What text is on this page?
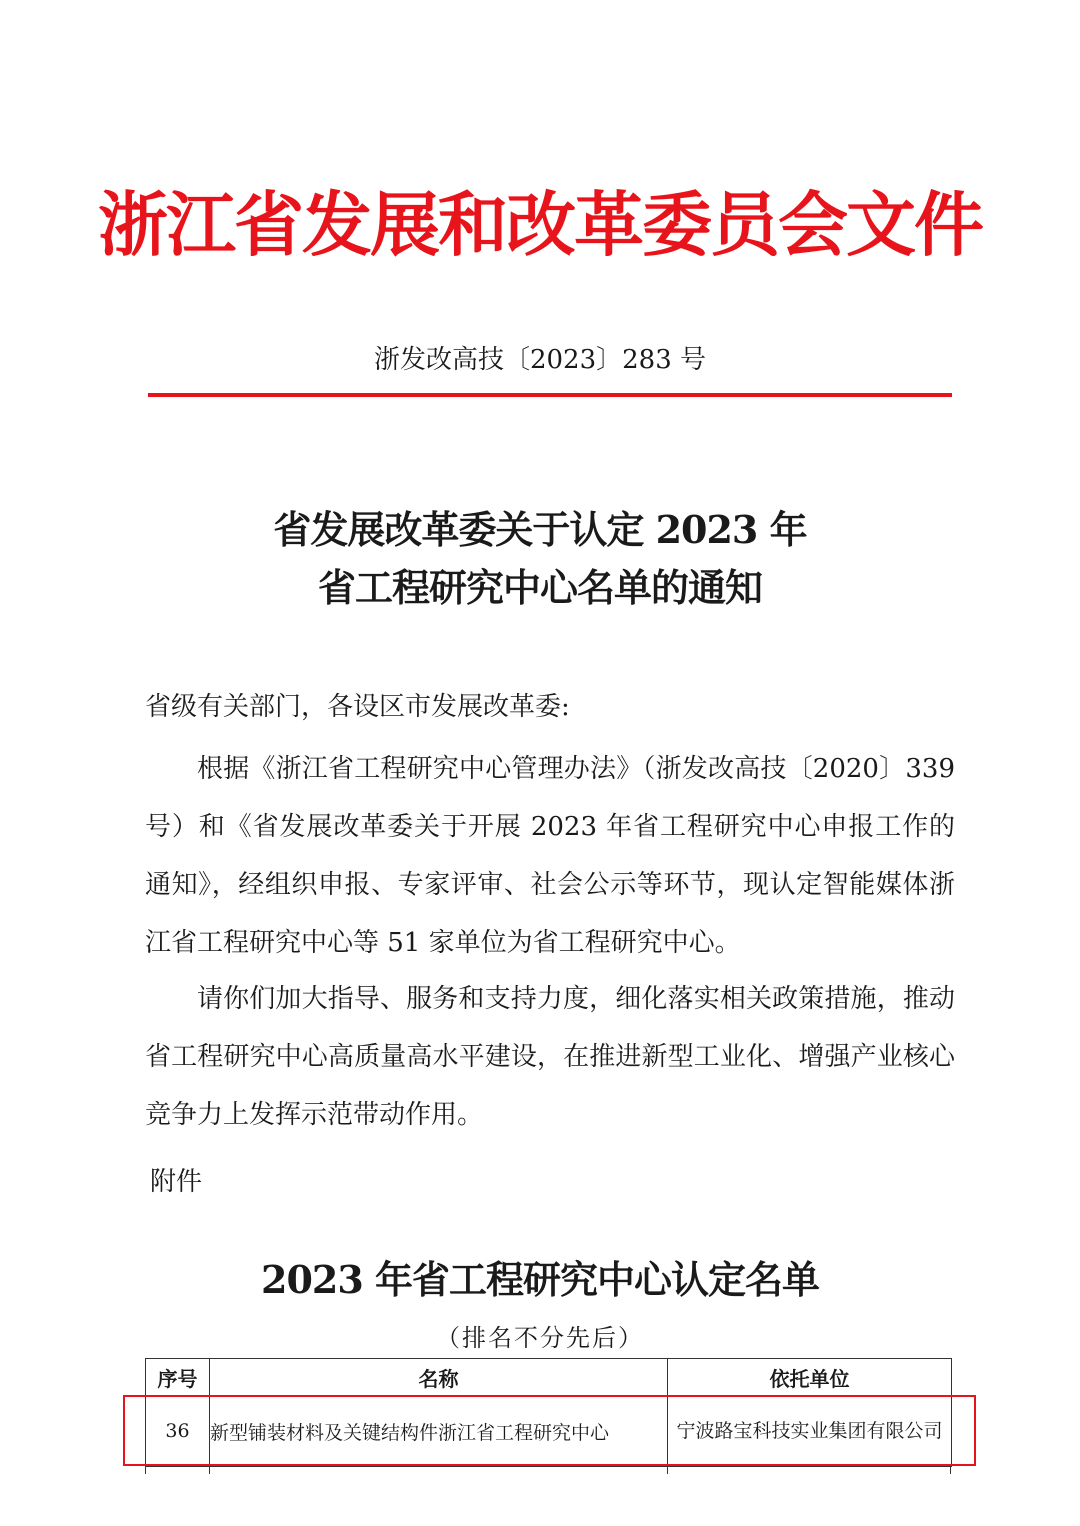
浙江省发展和改革委员会文件
浙发改高技〔2023〕283 号
省发展改革委关于认定 2023 年
省工程研究中心名单的通知
省级有关部门，各设区市发展改革委:
根据《浙江省工程研究中心管理办法》（浙发改高技〔2020〕339号）和《省发展改革委关于开展 2023 年省工程研究中心申报工作的通知》，经组织申报、专家评审、社会公示等环节，现认定智能媒体浙江省工程研究中心等 51 家单位为省工程研究中心。
请你们加大指导、服务和支持力度，细化落实相关政策措施，推动省工程研究中心高质量高水平建设，在推进新型工业化、增强产业核心竞争力上发挥示范带动作用。
附件
2023 年省工程研究中心认定名单
（排名不分先后）
序号	名称	依托单位
36	新型铺装材料及关键结构件浙江省工程研究中心	宁波路宝科技实业集团有限公司
